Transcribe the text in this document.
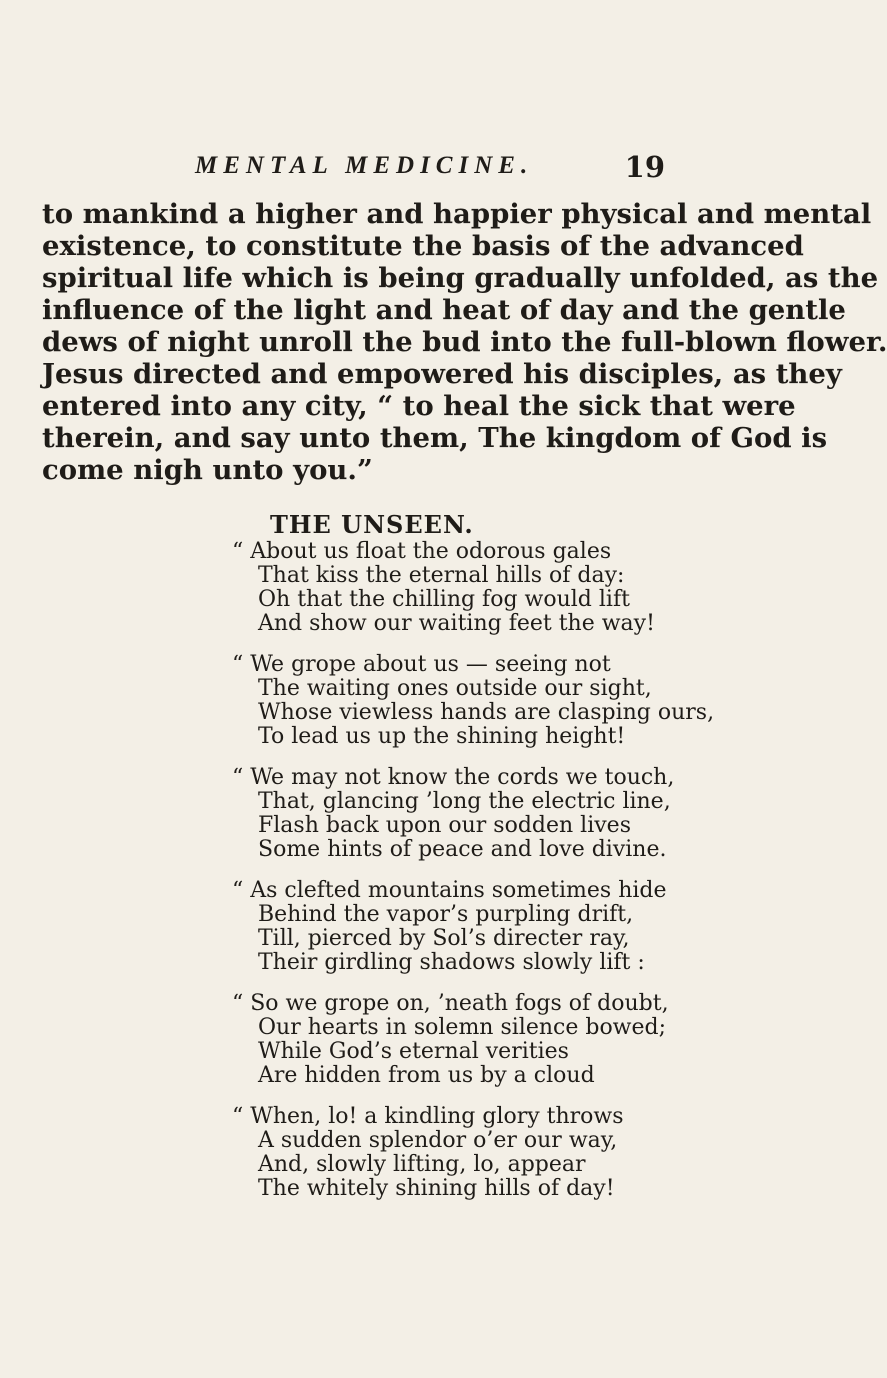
MENTAL MEDICINE.	19
to mankind a higher and happier physical and mental
existence, to constitute the basis of the advanced
spiritual life which is being gradually unfolded, as the
influence of the light and heat of day and the gentle
dews of night unroll the bud into the full-blown flower.
Jesus directed and empowered his disciples, as they
entered into any city, “ to heal the sick that were
therein, and say unto them, The kingdom of God is
come nigh unto you.”
THE UNSEEN.
“ About us float the odorous gales
That kiss the eternal hills of day:
Oh that the chilling fog would lift
And show our waiting feet the way!
“ We grope about us — seeing not
The waiting ones outside our sight,
Whose viewless hands are clasping ours,
To lead us up the shining height!
“ We may not know the cords we touch,
That, glancing ’long the electric line,
Flash back upon our sodden lives
Some hints of peace and love divine.
“ As clefted mountains sometimes hide
Behind the vapor’s purpling drift,
Till, pierced by Sol’s directer ray,
Their girdling shadows slowly lift :
“ So we grope on, ’neath fogs of doubt,
Our hearts in solemn silence bowed;
While God’s eternal verities
Are hidden from us by a cloud
“ When, lo! a kindling glory throws
A sudden splendor o’er our way,
And, slowly lifting, lo, appear
The whitely shining hills of day!
